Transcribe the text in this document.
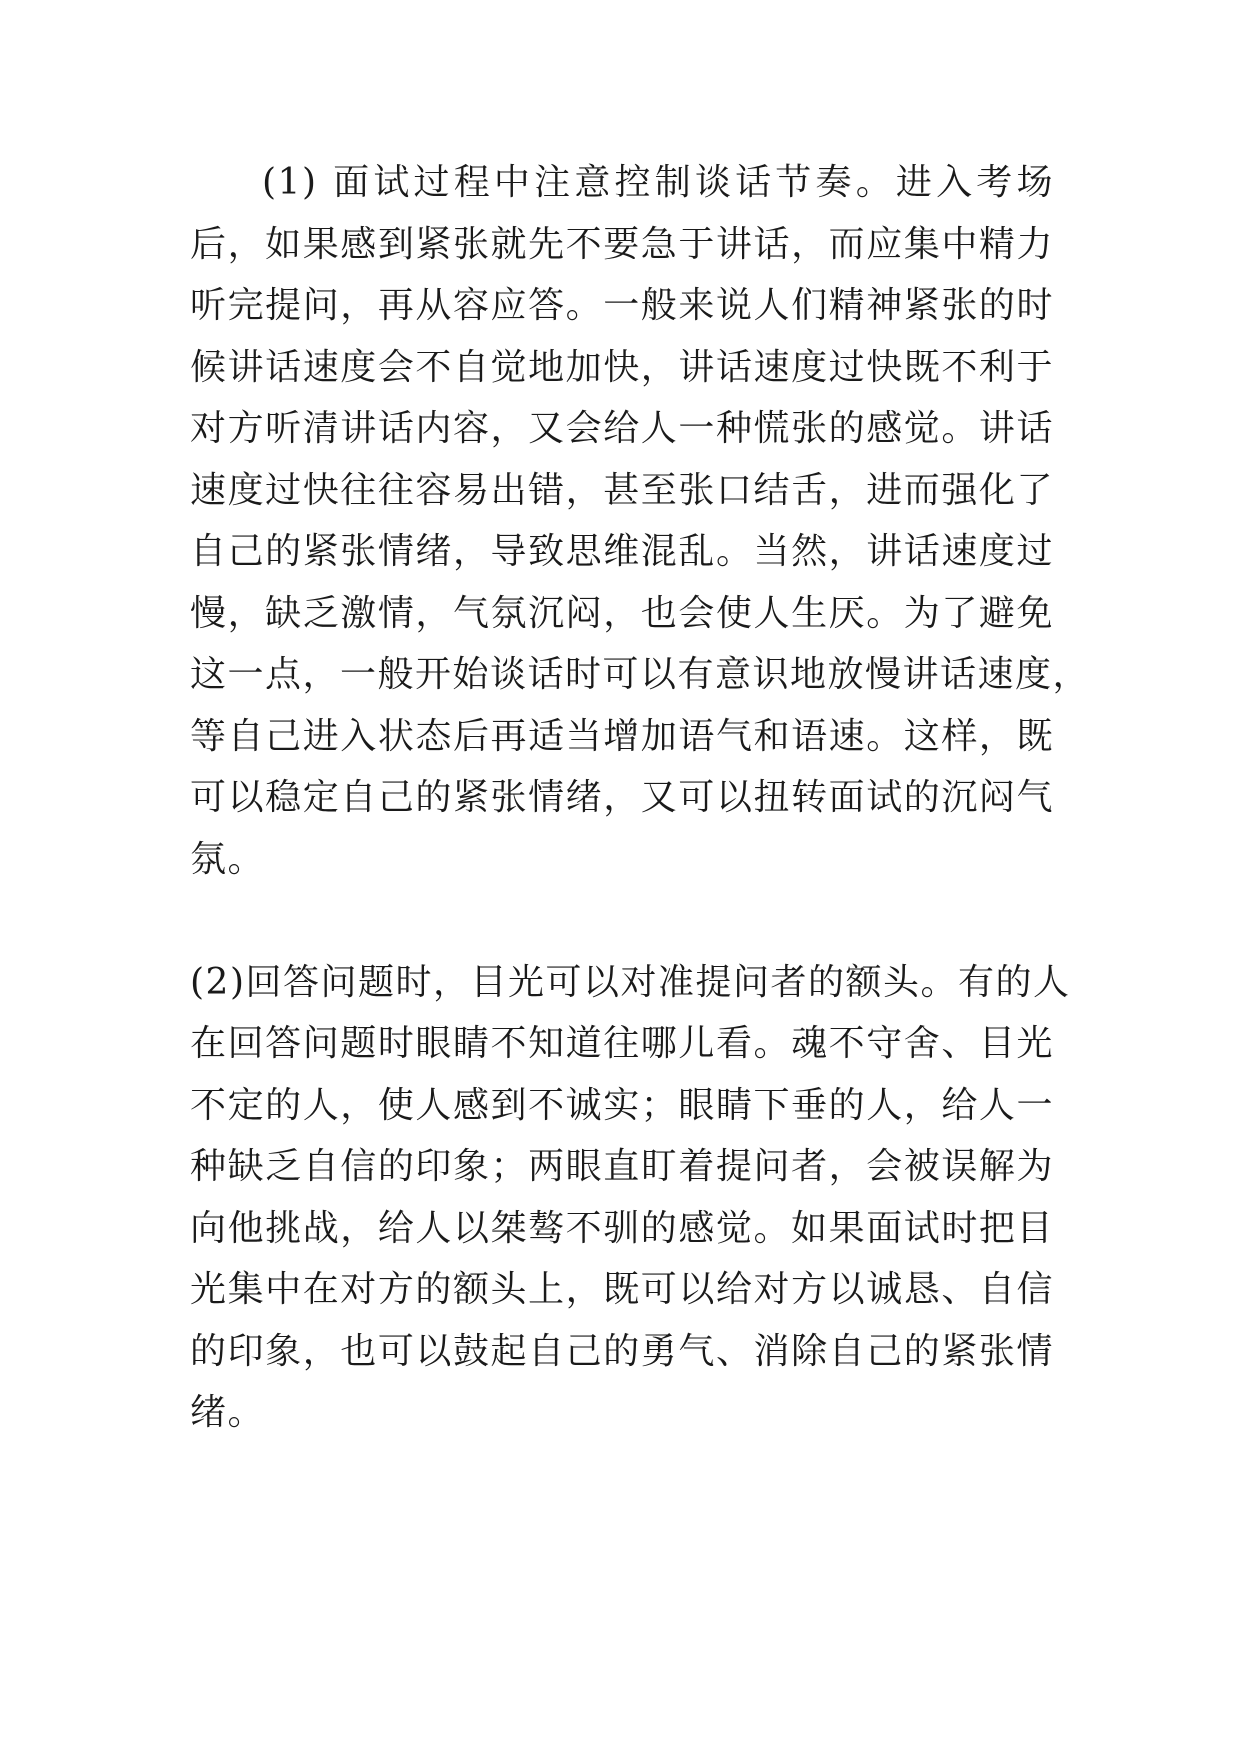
(1) 面试过程中注意控制谈话节奏。进入考场
后，如果感到紧张就先不要急于讲话，而应集中精力
听完提问，再从容应答。一般来说人们精神紧张的时
候讲话速度会不自觉地加快，讲话速度过快既不利于
对方听清讲话内容，又会给人一种慌张的感觉。讲话
速度过快往往容易出错，甚至张口结舌，进而强化了
自己的紧张情绪，导致思维混乱。当然，讲话速度过
慢，缺乏激情，气氛沉闷，也会使人生厌。为了避免
这一点，一般开始谈话时可以有意识地放慢讲话速度，
等自己进入状态后再适当增加语气和语速。这样，既
可以稳定自己的紧张情绪，又可以扭转面试的沉闷气
氛。
(2)回答问题时，目光可以对准提问者的额头。有的人
在回答问题时眼睛不知道往哪儿看。魂不守舍、目光
不定的人，使人感到不诚实；眼睛下垂的人，给人一
种缺乏自信的印象；两眼直盯着提问者，会被误解为
向他挑战，给人以桀骜不驯的感觉。如果面试时把目
光集中在对方的额头上，既可以给对方以诚恳、自信
的印象，也可以鼓起自己的勇气、消除自己的紧张情
绪。
